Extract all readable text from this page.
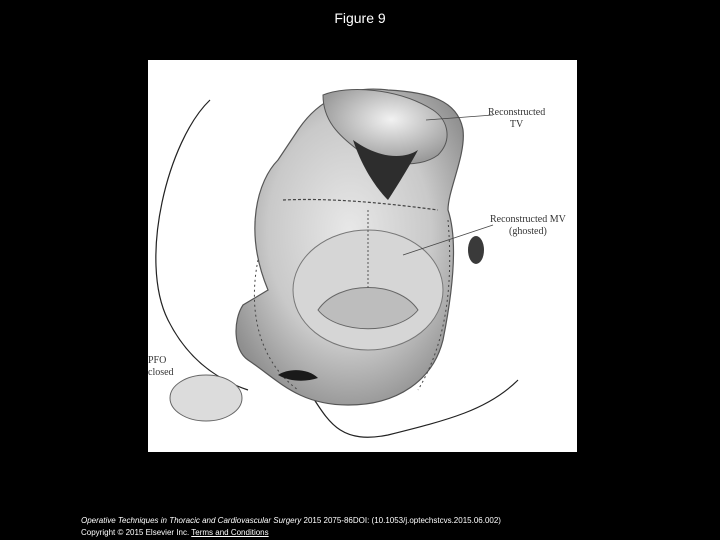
Figure 9
Reconstructed
TV
Reconstructed MV
(ghosted)
PFO
closed
Operative Techniques in Thoracic and Cardiovascular Surgery 2015 2075-86DOI: (10.1053/j.optechstcvs.2015.06.002)
Copyright © 2015 Elsevier Inc. Terms and Conditions
